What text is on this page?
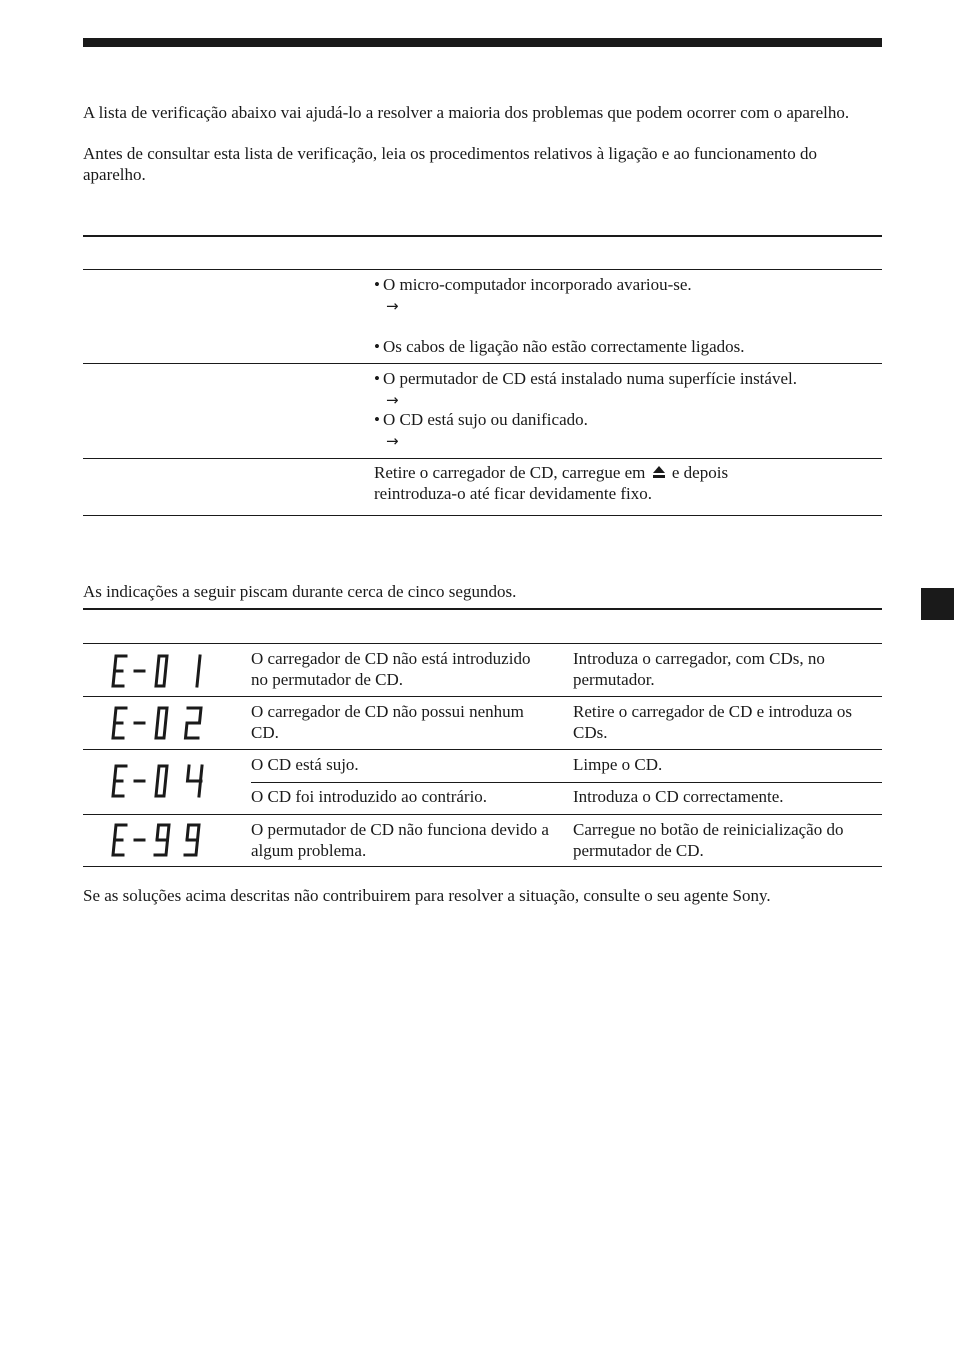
A lista de verificação abaixo vai ajudá-lo a resolver a maioria dos problemas que podem ocorrer com o aparelho.
Antes de consultar esta lista de verificação, leia os procedimentos relativos à ligação e ao funcionamento do aparelho.
• O micro-computador incorporado avariou-se.
→
• Os cabos de ligação não estão correctamente ligados.
• O permutador de CD está instalado numa superfície instável.
→
• O CD está sujo ou danificado.
→
Retire o carregador de CD, carregue em e depois
reintroduza-o até ficar devidamente fixo.
As indicações a seguir piscam durante cerca de cinco segundos.
O carregador de CD não está introduzido no permutador de CD.
Introduza o carregador, com CDs, no permutador.
O carregador de CD não possui nenhum CD.
Retire o carregador de CD e introduza os CDs.
O CD está sujo.	Limpe o CD.
O CD foi introduzido ao contrário.	Introduza o CD correctamente.
O permutador de CD não funciona devido a algum problema.
Carregue no botão de reinicialização do permutador de CD.
Se as soluções acima descritas não contribuirem para resolver a situação, consulte o seu agente Sony.
